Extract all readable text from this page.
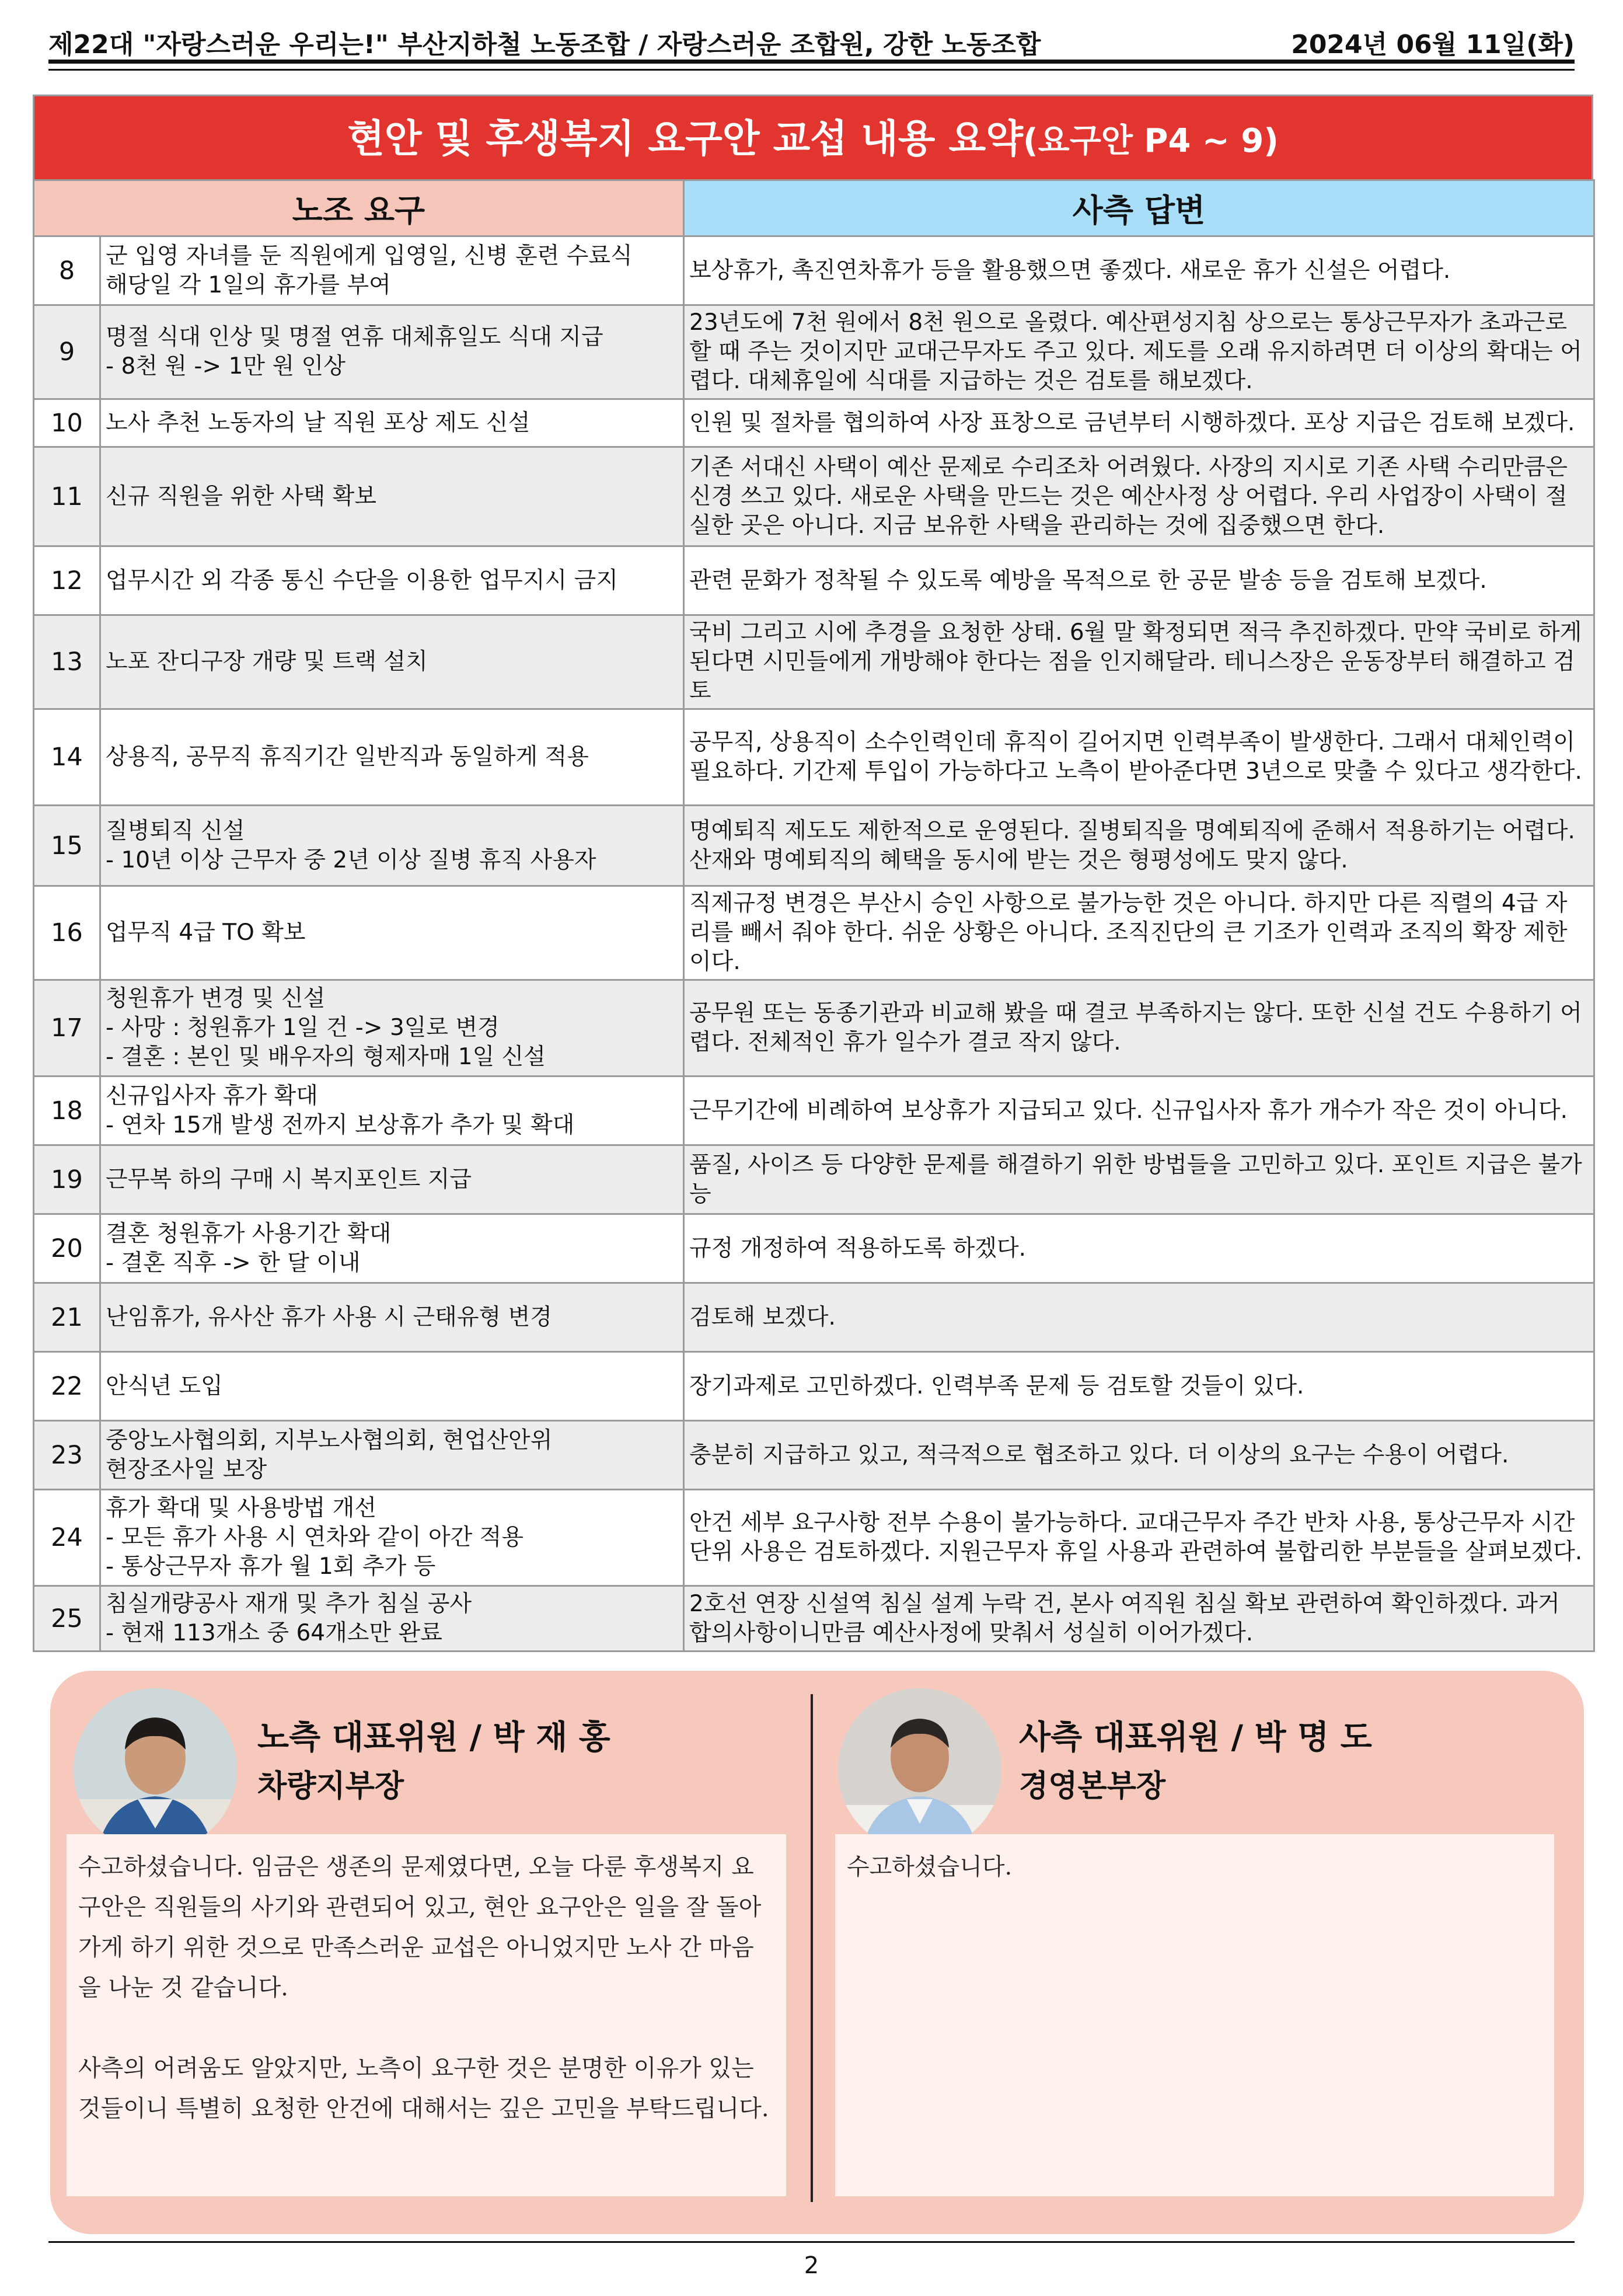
제22대 "자랑스러운 우리는!" 부산지하철 노동조합 / 자랑스러운 조합원, 강한 노동조합	2024년 06월 11일(화)
현안 및 후생복지 요구안 교섭 내용 요약(요구안 P4 ~ 9)
노조 요구		사측 답변
8	군 입영 자녀를 둔 직원에게 입영일, 신병 훈련 수료식
해당일 각 1일의 휴가를 부여	보상휴가, 촉진연차휴가 등을 활용했으면 좋겠다. 새로운 휴가 신설은 어렵다.
9	명절 식대 인상 및 명절 연휴 대체휴일도 식대 지급
- 8천 원 -> 1만 원 인상	23년도에 7천 원에서 8천 원으로 올렸다. 예산편성지침 상으로는 통상근무자가 초과근로할 때 주는 것이지만 교대근무자도 주고 있다. 제도를 오래 유지하려면 더 이상의 확대는 어렵다. 대체휴일에 식대를 지급하는 것은 검토를 해보겠다.
10	노사 추천 노동자의 날 직원 포상 제도 신설	인원 및 절차를 협의하여 사장 표창으로 금년부터 시행하겠다. 포상 지급은 검토해 보겠다.
11	신규 직원을 위한 사택 확보	기존 서대신 사택이 예산 문제로 수리조차 어려웠다. 사장의 지시로 기존 사택 수리만큼은 신경 쓰고 있다. 새로운 사택을 만드는 것은 예산사정 상 어렵다. 우리 사업장이 사택이 절실한 곳은 아니다. 지금 보유한 사택을 관리하는 것에 집중했으면 한다.
12	업무시간 외 각종 통신 수단을 이용한 업무지시 금지	관련 문화가 정착될 수 있도록 예방을 목적으로 한 공문 발송 등을 검토해 보겠다.
13	노포 잔디구장 개량 및 트랙 설치	국비 그리고 시에 추경을 요청한 상태. 6월 말 확정되면 적극 추진하겠다. 만약 국비로 하게 된다면 시민들에게 개방해야 한다는 점을 인지해달라. 테니스장은 운동장부터 해결하고 검토
14	상용직, 공무직 휴직기간 일반직과 동일하게 적용	공무직, 상용직이 소수인력인데 휴직이 길어지면 인력부족이 발생한다. 그래서 대체인력이 필요하다. 기간제 투입이 가능하다고 노측이 받아준다면 3년으로 맞출 수 있다고 생각한다.
15	질병퇴직 신설
- 10년 이상 근무자 중 2년 이상 질병 휴직 사용자	명예퇴직 제도도 제한적으로 운영된다. 질병퇴직을 명예퇴직에 준해서 적용하기는 어렵다. 산재와 명예퇴직의 혜택을 동시에 받는 것은 형평성에도 맞지 않다.
16	업무직 4급 TO 확보	직제규정 변경은 부산시 승인 사항으로 불가능한 것은 아니다. 하지만 다른 직렬의 4급 자리를 빼서 줘야 한다. 쉬운 상황은 아니다. 조직진단의 큰 기조가 인력과 조직의 확장 제한이다.
17	청원휴가 변경 및 신설
- 사망 : 청원휴가 1일 건 -> 3일로 변경
- 결혼 : 본인 및 배우자의 형제자매 1일 신설	공무원 또는 동종기관과 비교해 봤을 때 결코 부족하지는 않다. 또한 신설 건도 수용하기 어렵다. 전체적인 휴가 일수가 결코 작지 않다.
18	신규입사자 휴가 확대
- 연차 15개 발생 전까지 보상휴가 추가 및 확대	근무기간에 비례하여 보상휴가 지급되고 있다. 신규입사자 휴가 개수가 작은 것이 아니다.
19	근무복 하의 구매 시 복지포인트 지급	품질, 사이즈 등 다양한 문제를 해결하기 위한 방법들을 고민하고 있다. 포인트 지급은 불가능
20	결혼 청원휴가 사용기간 확대
- 결혼 직후 -> 한 달 이내	규정 개정하여 적용하도록 하겠다.
21	난임휴가, 유사산 휴가 사용 시 근태유형 변경	검토해 보겠다.
22	안식년 도입	장기과제로 고민하겠다. 인력부족 문제 등 검토할 것들이 있다.
23	중앙노사협의회, 지부노사협의회, 현업산안위
현장조사일 보장	충분히 지급하고 있고, 적극적으로 협조하고 있다. 더 이상의 요구는 수용이 어렵다.
24	휴가 확대 및 사용방법 개선
- 모든 휴가 사용 시 연차와 같이 아간 적용
- 통상근무자 휴가 월 1회 추가 등	안건 세부 요구사항 전부 수용이 불가능하다. 교대근무자 주간 반차 사용, 통상근무자 시간 단위 사용은 검토하겠다. 지원근무자 휴일 사용과 관련하여 불합리한 부분들을 살펴보겠다.
25	침실개량공사 재개 및 추가 침실 공사
- 현재 113개소 중 64개소만 완료	2호선 연장 신설역 침실 설계 누락 건, 본사 여직원 침실 확보 관련하여 확인하겠다. 과거 합의사항이니만큼 예산사정에 맞춰서 성실히 이어가겠다.
노측 대표위원 / 박 재 홍
차량지부장

수고하셨습니다. 임금은 생존의 문제였다면, 오늘 다룬 후생복지 요구안은 직원들의 사기와 관련되어 있고, 현안 요구안은 일을 잘 돌아가게 하기 위한 것으로 만족스러운 교섭은 아니었지만 노사 간 마음을 나눈 것 같습니다.

사측의 어려움도 알았지만, 노측이 요구한 것은 분명한 이유가 있는 것들이니 특별히 요청한 안건에 대해서는 깊은 고민을 부탁드립니다.

사측 대표위원 / 박 명 도
경영본부장

수고하셨습니다.

2
